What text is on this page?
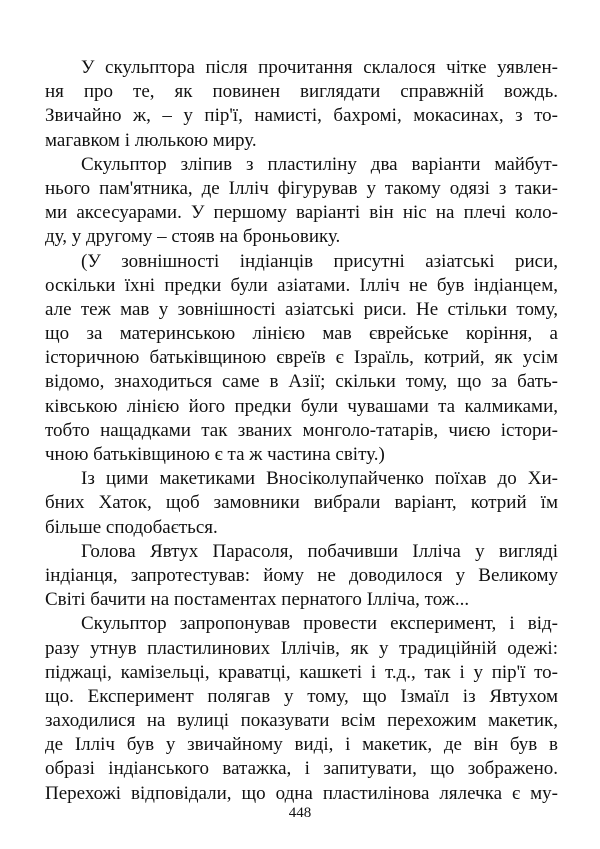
У скульптора після прочитання склалося чітке уявлен-
ня про те, як повинен виглядати справжній вождь.
Звичайно ж, – у пір'ї, намисті, бахромі, мокасинах, з то-
магавком і люлькою миру.
Скульптор зліпив з пластиліну два варіанти майбут-
нього пам'ятника, де Ілліч фігурував у такому одязі з таки-
ми аксесуарами. У першому варіанті він ніс на плечі коло-
ду, у другому – стояв на броньовику.
(У зовнішності індіанців присутні азіатські риси,
оскільки їхні предки були азіатами. Ілліч не був індіанцем,
але теж мав у зовнішності азіатські риси. Не стільки тому,
що за материнською лінією мав єврейське коріння, а
історичною батьківщиною євреїв є Ізраїль, котрий, як усім
відомо, знаходиться саме в Азії; скільки тому, що за бать-
ківською лінією його предки були чувашами та калмиками,
тобто нащадками так званих монголо-татарів, чиєю істори-
чною батьківщиною є та ж частина світу.)
Із цими макетиками Вносіколупайченко поїхав до Хи-
бних Хаток, щоб замовники вибрали варіант, котрий їм
більше сподобається.
Голова Явтух Парасоля, побачивши Ілліча у вигляді
індіанця, запротестував: йому не доводилося у Великому
Світі бачити на постаментах пернатого Ілліча, тож...
Скульптор запропонував провести експеримент, і від-
разу утнув пластилинових Іллічів, як у традиційній одежі:
піджаці, камізельці, краватці, кашкеті і т.д., так і у пір'ї то-
що. Експеримент полягав у тому, що Ізмаїл із Явтухом
заходилися на вулиці показувати всім перехожим макетик,
де Ілліч був у звичайному виді, і макетик, де він був в
образі індіанського ватажка, і запитувати, що зображено.
Перехожі відповідали, що одна пластилінова лялечка є му-
448
